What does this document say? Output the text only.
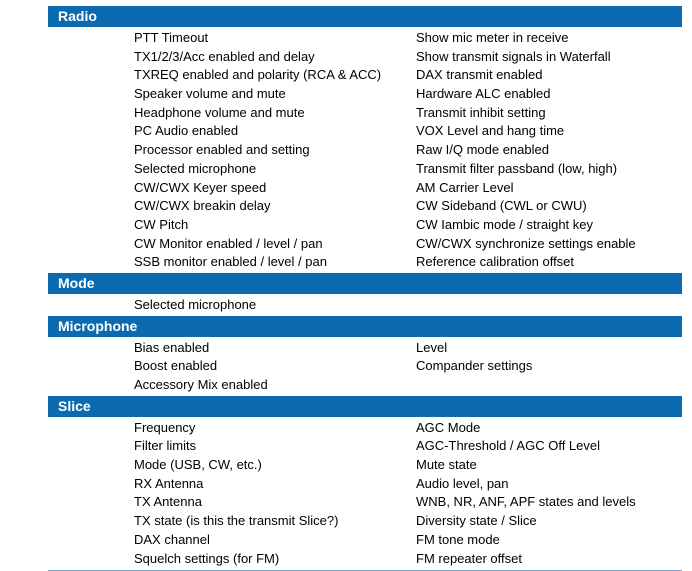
Radio
PTT Timeout	Show mic meter in receive
TX1/2/3/Acc enabled and delay	Show transmit signals in Waterfall
TXREQ enabled and polarity (RCA & ACC)	DAX transmit enabled
Speaker volume and mute	Hardware ALC enabled
Headphone volume and mute	Transmit inhibit setting
PC Audio enabled	VOX Level and hang time
Processor enabled and setting	Raw I/Q mode enabled
Selected microphone	Transmit filter passband (low, high)
CW/CWX Keyer speed	AM Carrier Level
CW/CWX breakin delay	CW Sideband (CWL or CWU)
CW Pitch	CW Iambic mode / straight key
CW Monitor enabled / level / pan	CW/CWX synchronize settings enable
SSB monitor enabled / level / pan	Reference calibration offset
Mode
Selected microphone
Microphone
Bias enabled	Level
Boost enabled	Compander settings
Accessory Mix enabled
Slice
Frequency	AGC Mode
Filter limits	AGC-Threshold / AGC Off Level
Mode (USB, CW, etc.)	Mute state
RX Antenna	Audio level, pan
TX Antenna	WNB, NR, ANF, APF states and levels
TX state (is this the transmit Slice?)	Diversity state / Slice
DAX channel	FM tone mode
Squelch settings (for FM)	FM repeater offset
